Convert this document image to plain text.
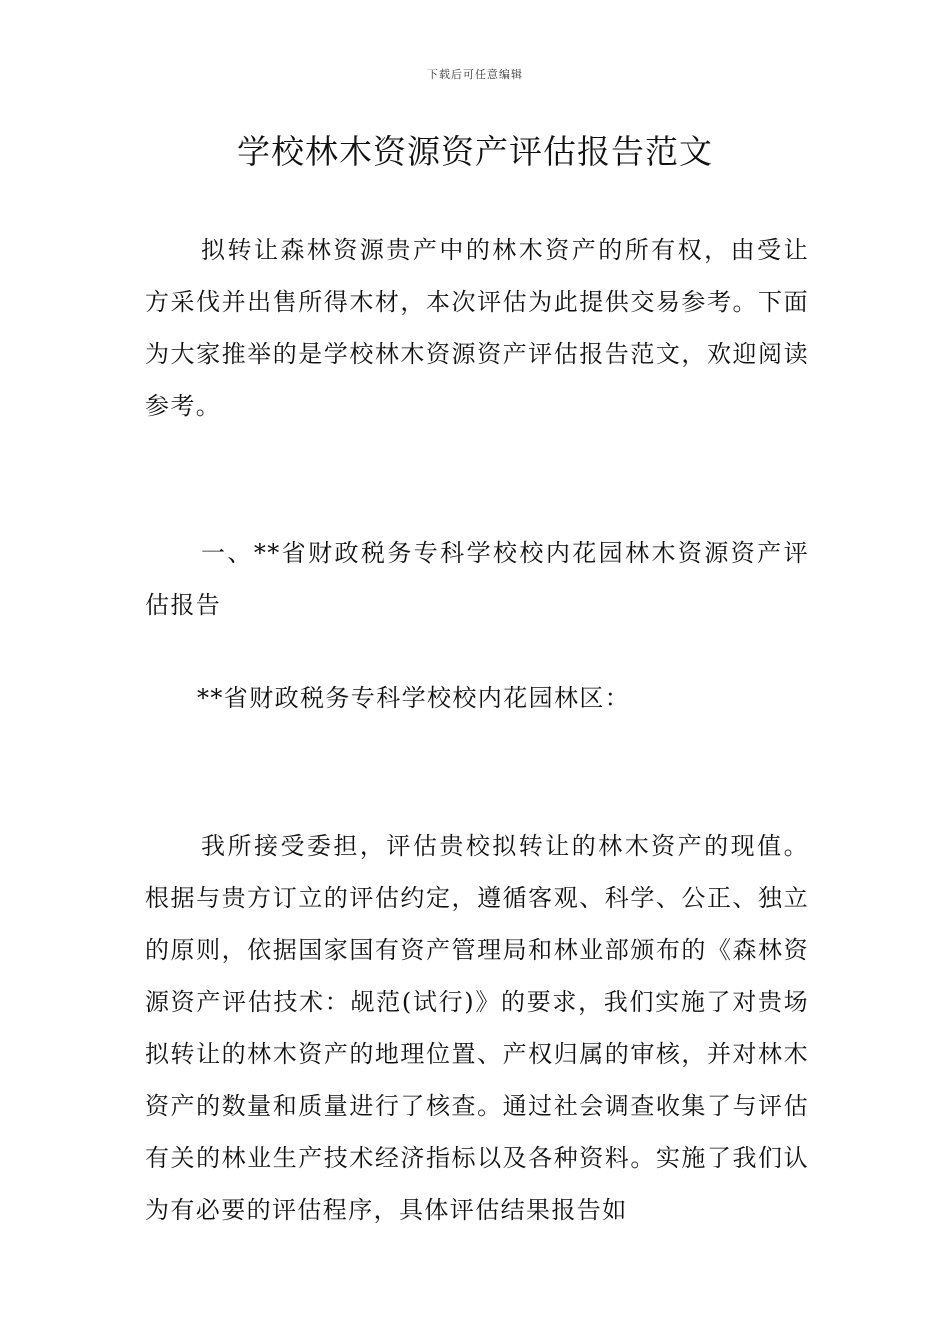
下载后可任意编辑
学校林木资源资产评估报告范文

拟转让森林资源贵产中的林木资产的所有权，由受让方采伐并出售所得木材，本次评估为此提供交易参考。下面为大家推举的是学校林木资源资产评估报告范文，欢迎阅读参考。

一、**省财政税务专科学校校内花园林木资源资产评估报告

**省财政税务专科学校校内花园林区：

我所接受委担，评估贵校拟转让的林木资产的现值。根据与贵方订立的评估约定，遵循客观、科学、公正、独立的原则，依据国家国有资产管理局和林业部颁布的《森林资源资产评估技术：觇范(试行)》的要求，我们实施了对贵场拟转让的林木资产的地理位置、产权归属的审核，并对林木资产的数量和质量进行了核查。通过社会调查收集了与评估有关的林业生产技术经济指标以及各种资料。实施了我们认为有必要的评估程序，具体评估结果报告如
